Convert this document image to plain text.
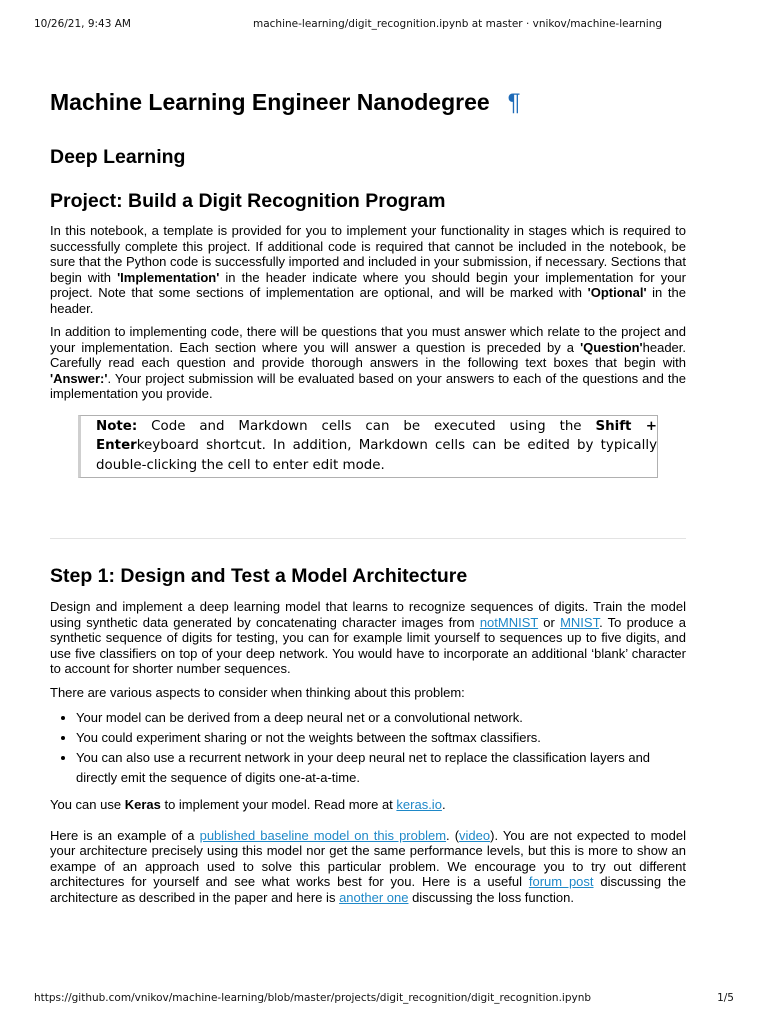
10/26/21, 9:43 AM	machine-learning/digit_recognition.ipynb at master · vnikov/machine-learning
Machine Learning Engineer Nanodegree ¶
Deep Learning
Project: Build a Digit Recognition Program

In this notebook, a template is provided for you to implement your functionality in stages which is required to successfully complete this project. If additional code is required that cannot be included in the notebook, be sure that the Python code is successfully imported and included in your submission, if necessary. Sections that begin with 'Implementation' in the header indicate where you should begin your implementation for your project. Note that some sections of implementation are optional, and will be marked with 'Optional' in the header.

In addition to implementing code, there will be questions that you must answer which relate to the project and your implementation. Each section where you will answer a question is preceded by a 'Question'header. Carefully read each question and provide thorough answers in the following text boxes that begin with 'Answer:'. Your project submission will be evaluated based on your answers to each of the questions and the implementation you provide.

Note: Code and Markdown cells can be executed using the Shift + Enterkeyboard shortcut. In addition, Markdown cells can be edited by typically double-clicking the cell to enter edit mode.
Step 1: Design and Test a Model Architecture

Design and implement a deep learning model that learns to recognize sequences of digits. Train the model using synthetic data generated by concatenating character images from notMNIST or MNIST. To produce a synthetic sequence of digits for testing, you can for example limit yourself to sequences up to five digits, and use five classifiers on top of your deep network. You would have to incorporate an additional ‘blank’ character to account for shorter number sequences.

There are various aspects to consider when thinking about this problem:

• Your model can be derived from a deep neural net or a convolutional network.
• You could experiment sharing or not the weights between the softmax classifiers.
• You can also use a recurrent network in your deep neural net to replace the classification layers and directly emit the sequence of digits one-at-a-time.

You can use Keras to implement your model. Read more at keras.io.

Here is an example of a published baseline model on this problem. (video). You are not expected to model your architecture precisely using this model nor get the same performance levels, but this is more to show an exampe of an approach used to solve this particular problem. We encourage you to try out different architectures for yourself and see what works best for you. Here is a useful forum post discussing the architecture as described in the paper and here is another one discussing the loss function.

https://github.com/vnikov/machine-learning/blob/master/projects/digit_recognition/digit_recognition.ipynb	1/5
